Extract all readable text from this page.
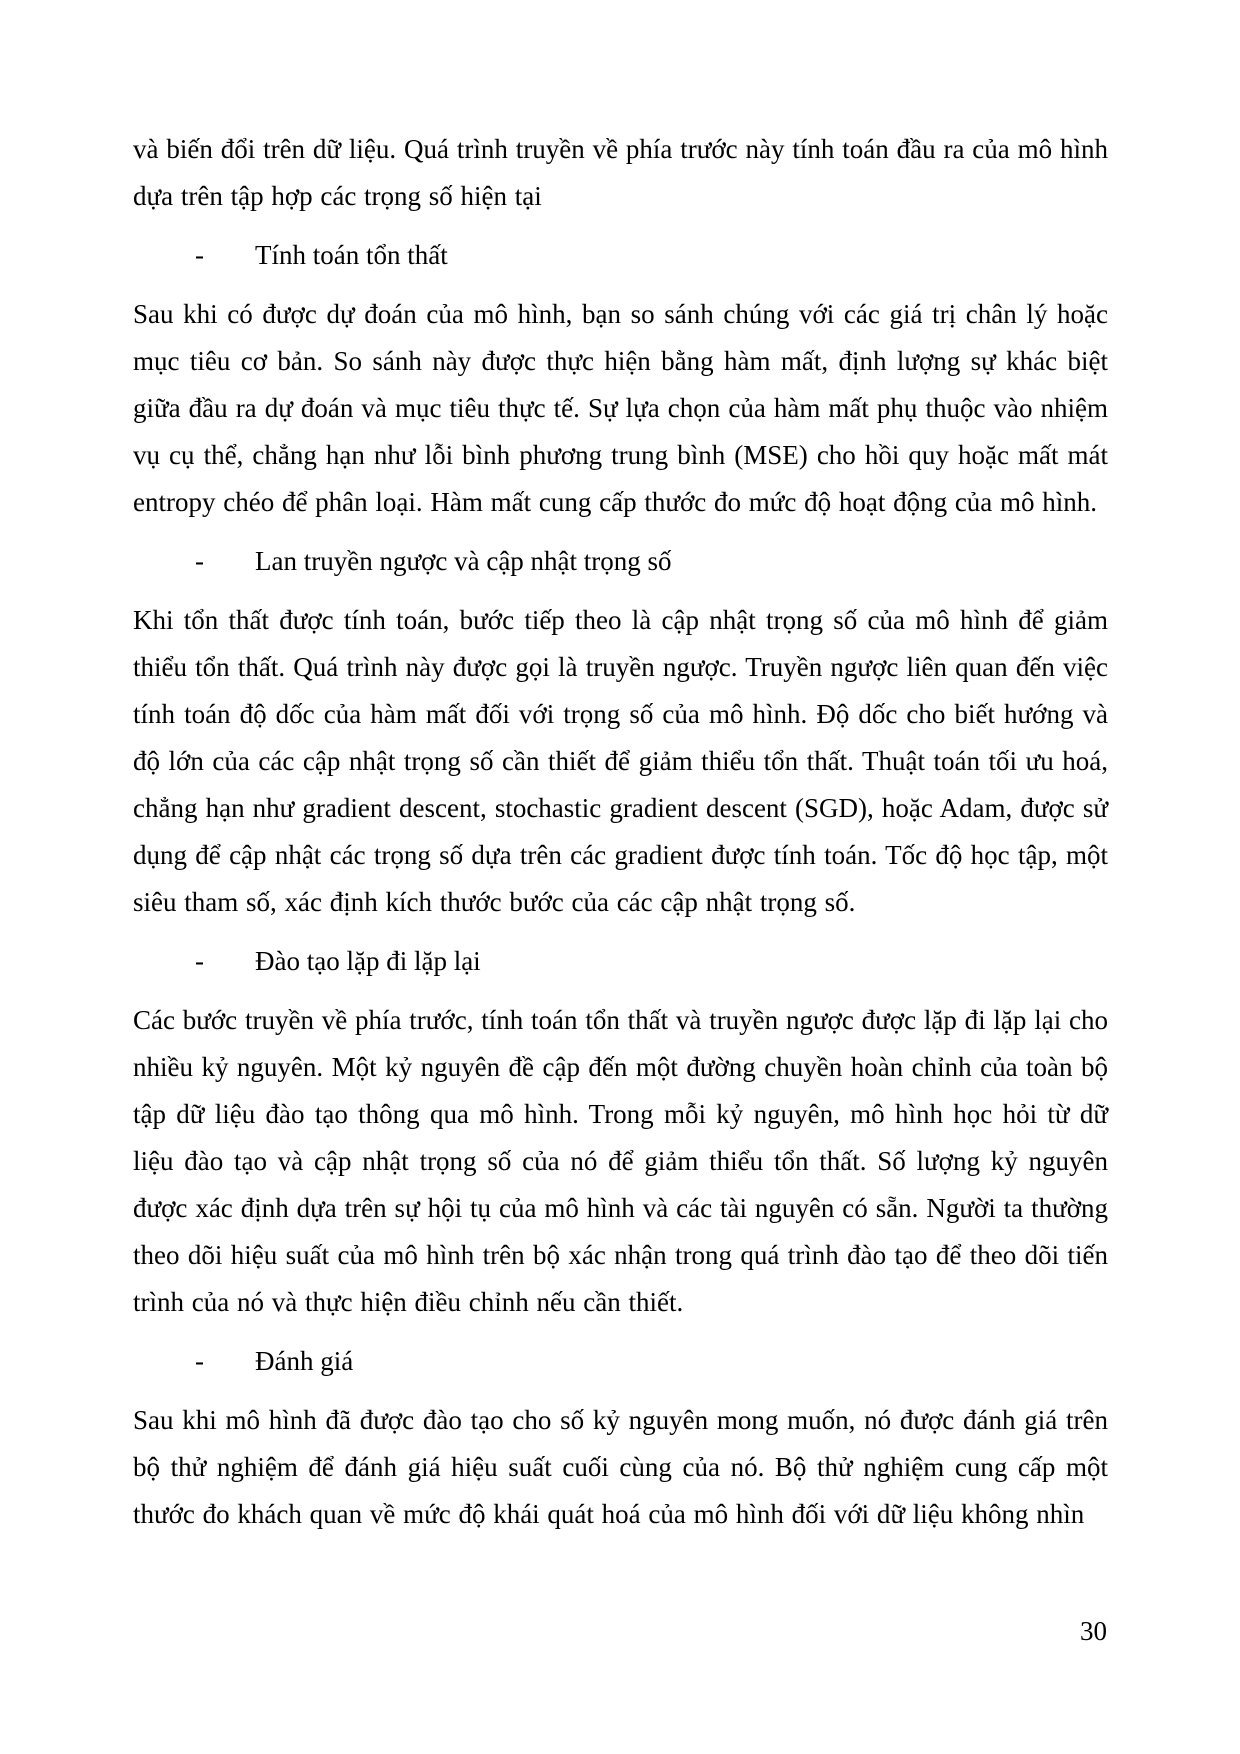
và biến đổi trên dữ liệu. Quá trình truyền về phía trước này tính toán đầu ra của mô hình dựa trên tập hợp các trọng số hiện tại

- Tính toán tổn thất

Sau khi có được dự đoán của mô hình, bạn so sánh chúng với các giá trị chân lý hoặc mục tiêu cơ bản. So sánh này được thực hiện bằng hàm mất, định lượng sự khác biệt giữa đầu ra dự đoán và mục tiêu thực tế. Sự lựa chọn của hàm mất phụ thuộc vào nhiệm vụ cụ thể, chẳng hạn như lỗi bình phương trung bình (MSE) cho hồi quy hoặc mất mát entropy chéo để phân loại. Hàm mất cung cấp thước đo mức độ hoạt động của mô hình.

- Lan truyền ngược và cập nhật trọng số

Khi tổn thất được tính toán, bước tiếp theo là cập nhật trọng số của mô hình để giảm thiểu tổn thất. Quá trình này được gọi là truyền ngược. Truyền ngược liên quan đến việc tính toán độ dốc của hàm mất đối với trọng số của mô hình. Độ dốc cho biết hướng và độ lớn của các cập nhật trọng số cần thiết để giảm thiểu tổn thất. Thuật toán tối ưu hoá, chẳng hạn như gradient descent, stochastic gradient descent (SGD), hoặc Adam, được sử dụng để cập nhật các trọng số dựa trên các gradient được tính toán. Tốc độ học tập, một siêu tham số, xác định kích thước bước của các cập nhật trọng số.

- Đào tạo lặp đi lặp lại

Các bước truyền về phía trước, tính toán tổn thất và truyền ngược được lặp đi lặp lại cho nhiều kỷ nguyên. Một kỷ nguyên đề cập đến một đường chuyền hoàn chỉnh của toàn bộ tập dữ liệu đào tạo thông qua mô hình. Trong mỗi kỷ nguyên, mô hình học hỏi từ dữ liệu đào tạo và cập nhật trọng số của nó để giảm thiểu tổn thất. Số lượng kỷ nguyên được xác định dựa trên sự hội tụ của mô hình và các tài nguyên có sẵn. Người ta thường theo dõi hiệu suất của mô hình trên bộ xác nhận trong quá trình đào tạo để theo dõi tiến trình của nó và thực hiện điều chỉnh nếu cần thiết.

- Đánh giá

Sau khi mô hình đã được đào tạo cho số kỷ nguyên mong muốn, nó được đánh giá trên bộ thử nghiệm để đánh giá hiệu suất cuối cùng của nó. Bộ thử nghiệm cung cấp một thước đo khách quan về mức độ khái quát hoá của mô hình đối với dữ liệu không nhìn

30
